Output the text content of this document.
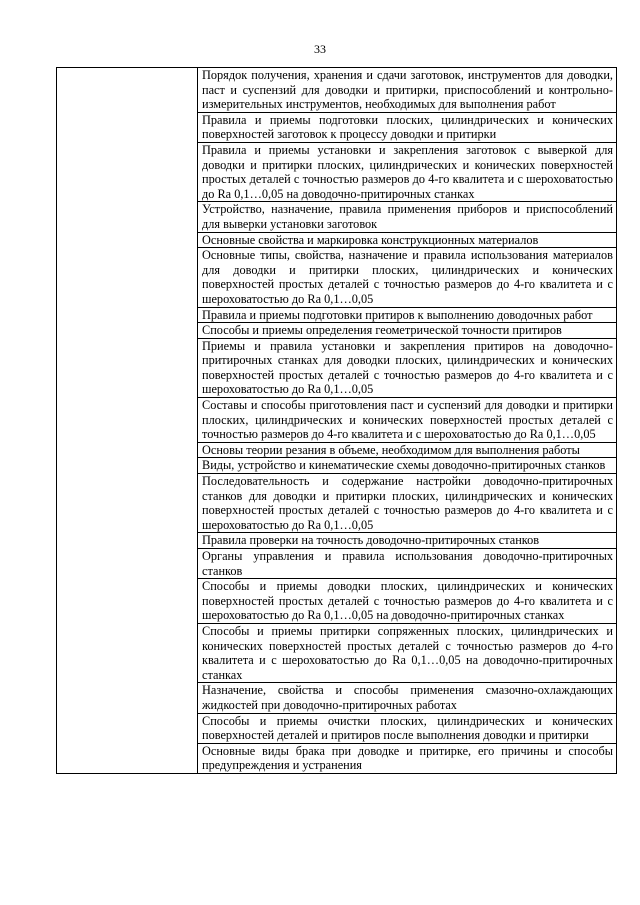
33
	Порядок получения, хранения и сдачи заготовок, инструментов для доводки, паст и суспензий для доводки и притирки, приспособлений и контрольно-измерительных инструментов, необходимых для выполнения работ
Правила и приемы подготовки плоских, цилиндрических и конических поверхностей заготовок к процессу доводки и притирки
Правила и приемы установки и закрепления заготовок с выверкой для доводки и притирки плоских, цилиндрических и конических поверхностей простых деталей с точностью размеров до 4-го квалитета и с шероховатостью до Ra 0,1…0,05 на доводочно-притирочных станках
Устройство, назначение, правила применения приборов и приспособлений для выверки установки заготовок
Основные свойства и маркировка конструкционных материалов
Основные типы, свойства, назначение и правила использования материалов для доводки и притирки плоских, цилиндрических и конических поверхностей простых деталей с точностью размеров до 4-го квалитета и с шероховатостью до Ra 0,1…0,05
Правила и приемы подготовки притиров к выполнению доводочных работ
Способы и приемы определения геометрической точности притиров
Приемы и правила установки и закрепления притиров на доводочно-притирочных станках для доводки плоских, цилиндрических и конических поверхностей простых деталей с точностью размеров до 4-го квалитета и с шероховатостью до Ra 0,1…0,05
Составы и способы приготовления паст и суспензий для доводки и притирки плоских, цилиндрических и конических поверхностей простых деталей с точностью размеров до 4-го квалитета и с шероховатостью до Ra 0,1…0,05
Основы теории резания в объеме, необходимом для выполнения работы
Виды, устройство и кинематические схемы доводочно-притирочных станков
Последовательность и содержание настройки доводочно-притирочных станков для доводки и притирки плоских, цилиндрических и конических поверхностей простых деталей с точностью размеров до 4-го квалитета и с шероховатостью до Ra 0,1…0,05
Правила проверки на точность доводочно-притирочных станков
Органы управления и правила использования доводочно-притирочных станков
Способы и приемы доводки плоских, цилиндрических и конических поверхностей простых деталей с точностью размеров до 4-го квалитета и с шероховатостью до Ra 0,1…0,05 на доводочно-притирочных станках
Способы и приемы притирки сопряженных плоских, цилиндрических и конических поверхностей простых деталей с точностью размеров до 4-го квалитета и с шероховатостью до Ra 0,1…0,05 на доводочно-притирочных станках
Назначение, свойства и способы применения смазочно-охлаждающих жидкостей при доводочно-притирочных работах
Способы и приемы очистки плоских, цилиндрических и конических поверхностей деталей и притиров после выполнения доводки и притирки
Основные виды брака при доводке и притирке, его причины и способы предупреждения и устранения
